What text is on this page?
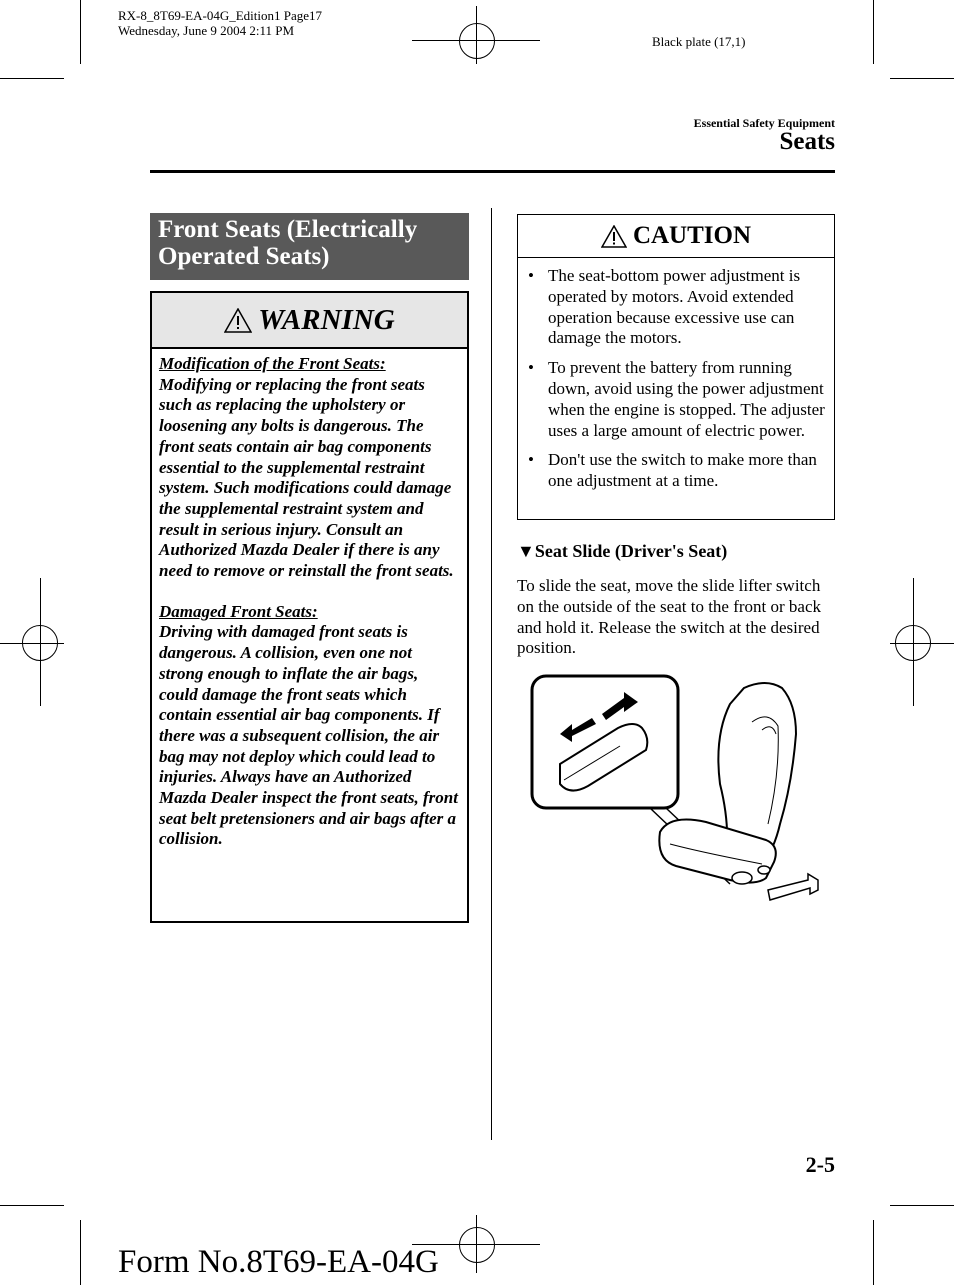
RX-8_8T69-EA-04G_Edition1 Page17
Wednesday, June 9 2004 2:11 PM
Black plate (17,1)
Essential Safety Equipment
Seats
Front Seats (Electrically Operated Seats)
WARNING

Modification of the Front Seats:
Modifying or replacing the front seats such as replacing the upholstery or loosening any bolts is dangerous. The front seats contain air bag components essential to the supplemental restraint system. Such modifications could damage the supplemental restraint system and result in serious injury. Consult an Authorized Mazda Dealer if there is any need to remove or reinstall the front seats.

Damaged Front Seats:
Driving with damaged front seats is dangerous. A collision, even one not strong enough to inflate the air bags, could damage the front seats which contain essential air bag components. If there was a subsequent collision, the air bag may not deploy which could lead to injuries. Always have an Authorized Mazda Dealer inspect the front seats, front seat belt pretensioners and air bags after a collision.

CAUTION
• The seat-bottom power adjustment is operated by motors. Avoid extended operation because excessive use can damage the motors.
• To prevent the battery from running down, avoid using the power adjustment when the engine is stopped. The adjuster uses a large amount of electric power.
• Don't use the switch to make more than one adjustment at a time.
▼Seat Slide (Driver's Seat)
To slide the seat, move the slide lifter switch on the outside of the seat to the front or back and hold it. Release the switch at the desired position.
2-5
Form No.8T69-EA-04G
